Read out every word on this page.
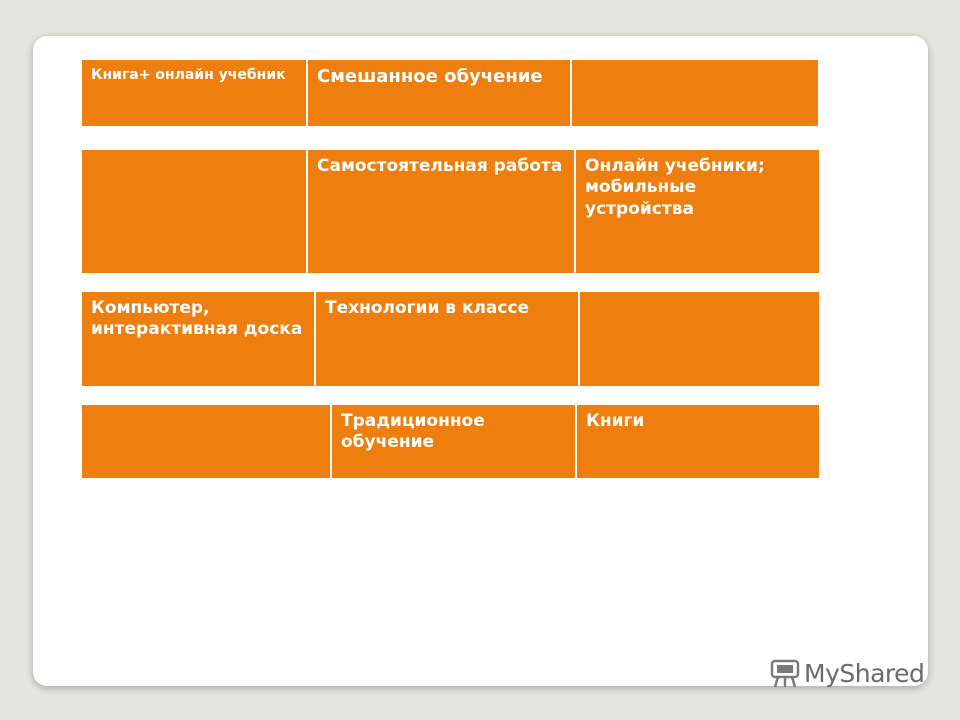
Книга+ онлайн учебник	Смешанное обучение
Самостоятельная работа	Онлайн учебники; мобильные устройства
Компьютер, интерактивная доска
Технологии в классе
Традиционное обучение
Книги
MyShared
